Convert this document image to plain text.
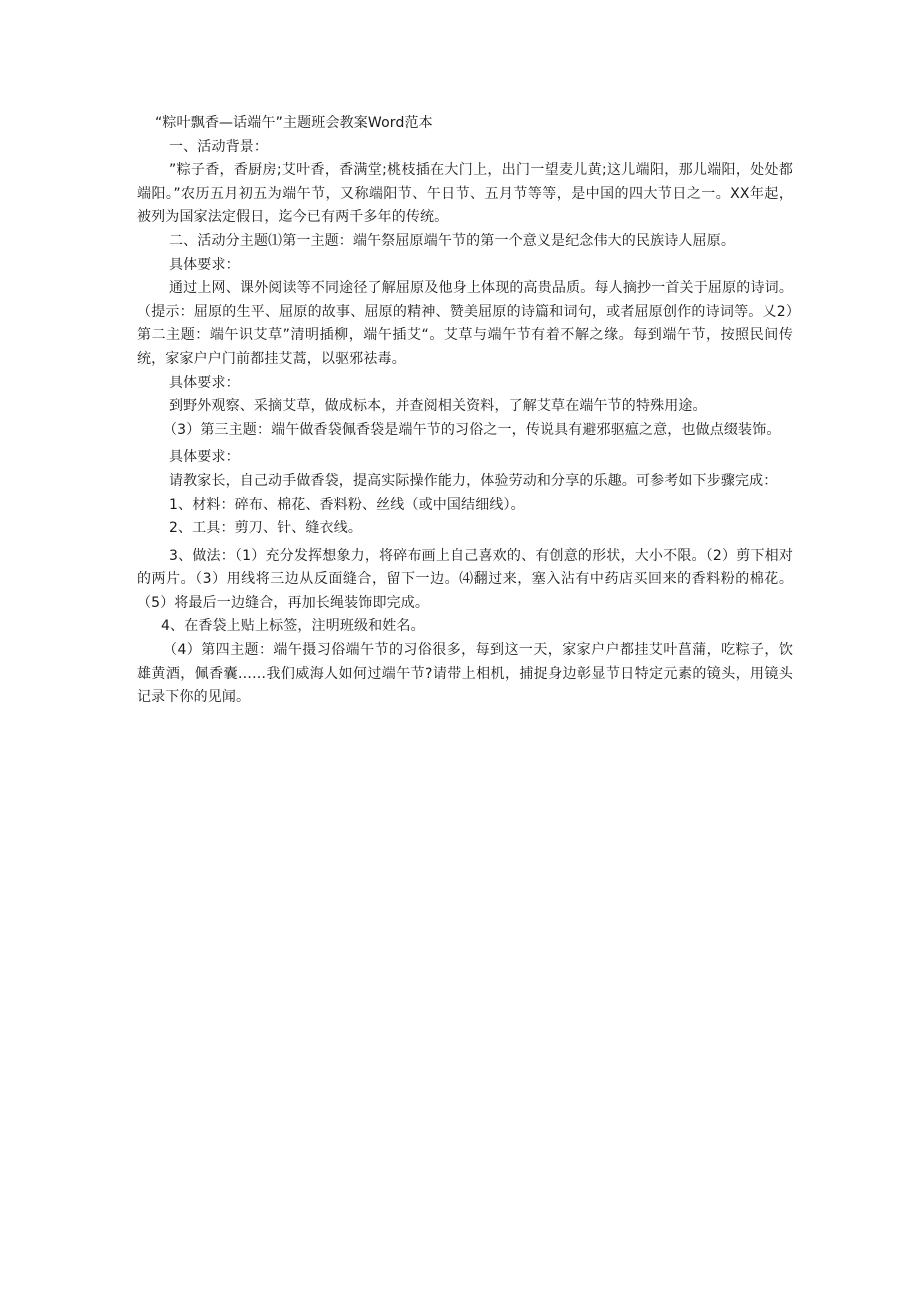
“粽叶飘香—话端午”主题班会教案Word范本

一、活动背景：

”粽子香，香厨房;艾叶香，香满堂;桃枝插在大门上，出门一望麦儿黄;这儿端阳，那儿端阳，处处都端阳。”农历五月初五为端午节，又称端阳节、午日节、五月节等等，是中国的四大节日之一。XX年起，被列为国家法定假日，迄今已有两千多年的传统。

二、活动分主题⑴第一主题：端午祭屈原端午节的第一个意义是纪念伟大的民族诗人屈原。

具体要求：

通过上网、课外阅读等不同途径了解屈原及他身上体现的高贵品质。每人摘抄一首关于屈原的诗词。（提示：屈原的生平、屈原的故事、屈原的精神、赞美屈原的诗篇和词句，或者屈原创作的诗词等。乂2）第二主题：端午识艾草”清明插柳，端午插艾“。艾草与端午节有着不解之缘。每到端午节，按照民间传统，家家户户门前都挂艾蒿，以驱邪祛毒。

具体要求：

到野外观察、采摘艾草，做成标本，并查阅相关资料，了解艾草在端午节的特殊用途。

（3）第三主题：端午做香袋佩香袋是端午节的习俗之一，传说具有避邪驱瘟之意，也做点缀装饰。

具体要求：

请教家长，自己动手做香袋，提高实际操作能力，体验劳动和分享的乐趣。可参考如下步骤完成：

1、材料：碎布、棉花、香料粉、丝线（或中国结细线）。

2、工具：剪刀、针、缝衣线。

3、做法：（1）充分发挥想象力，将碎布画上自己喜欢的、有创意的形状，大小不限。（2）剪下相对的两片。（3）用线将三边从反面缝合，留下一边。⑷翻过来，塞入沾有中药店买回来的香料粉的棉花。（5）将最后一边缝合，再加长绳装饰即完成。

4、在香袋上贴上标签，注明班级和姓名。

（4）第四主题：端午摄习俗端午节的习俗很多，每到这一天，家家户户都挂艾叶菖蒲，吃粽子，饮雄黄酒，佩香囊……我们威海人如何过端午节?请带上相机，捕捉身边彰显节日特定元素的镜头，用镜头记录下你的见闻。
